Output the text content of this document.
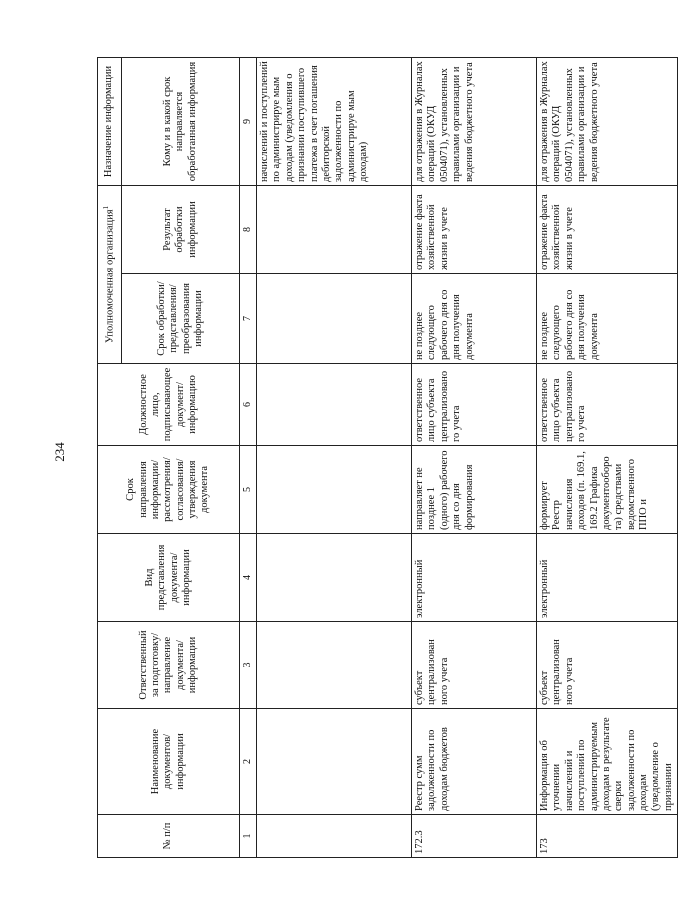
234
№ п/п	Наименование документов/ информации	Ответственный за подготовку/ направление документа/ информации	Вид представления документа/ информации	Срок направления информации/ рассмотрения/ согласования/ утверждения документа	Должностное лицо, подписывающее документ/ информацию	Уполномоченная организация$^1$		Назначение информации
						Срок обработки/ представления/ преобразования информации	Результат обработки информации	Кому и в какой срок направляется обработанная информация
1	2	3	4	5	6	7	8	9
								начислений и поступлений по администрируе мым доходам (уведомления о признании поступившего платежа в счет погашения дебиторской задолженности по администрируе мым доходам)
172.3	Реестр сумм задолженности по доходам бюджетов	субъект централизован ного учета	электронный	направляет не позднее 1 (одного) рабочего дня со дня формирования	ответственное лицо субъекта централизовано го учета	не позднее следующего рабочего дня со дня получения документа	отражение факта хозяйственной жизни в учете	для отражения в Журналах операций (ОКУД 0504071), установленных правилами организации и ведения бюджетного учета
173	Информация об уточнении начислений и поступлений по администрируемым доходам в результате сверки задолженности по доходам (уведомление о признании	субъект централизован ного учета	электронный	формирует Реестр начисления доходов (п. 169.1, 169.2 Графика документооборо та) средствами ведомственного ППО и	ответственное лицо субъекта централизовано го учета	не позднее следующего рабочего дня со дня получения документа	отражение факта хозяйственной жизни в учете	для отражения в Журналах операций (ОКУД 0504071), установленных правилами организации и ведения бюджетного учета
